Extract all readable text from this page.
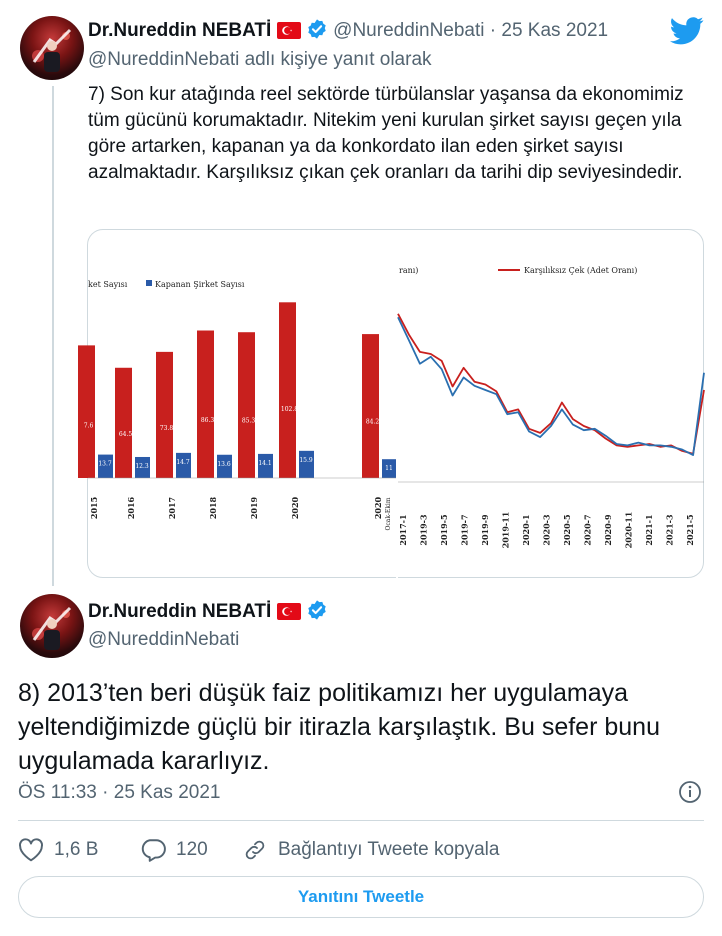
Dr.Nureddin NEBATİ	@NureddinNebati · 25 Kas 2021
@NureddinNebati adlı kişiye yanıt olarak
7) Son kur atağında reel sektörde türbülanslar yaşansa da ekonomimiz tüm gücünü korumaktadır. Nitekim yeni kurulan şirket sayısı geçen yıla göre artarken, kapanan ya da konkordato ilan eden şirket sayısı azalmaktadır. Karşılıksız çıkan çek oranları da tarihi dip seviyesindedir.
ket Sayısı	Kapanan Şirket Sayısı
7.6
13.7
2015
64.5
12.3
2016
73.8
14.7
2017
86.3
13.6
2018
85.3
14.1
2019
102.8
15.9
2020
84.2
11
2020 Ocak-Ekim
ranı)	Karşılıksız Çek (Adet Oranı)
2017-1 2019-3 2019-5 2019-7 2019-9 2019-11 2020-1 2020-3 2020-5 2020-7 2020-9 2020-11 2021-1 2021-3 2021-5
Dr.Nureddin NEBATİ
@NureddinNebati
8) 2013’ten beri düşük faiz politikamızı her uygulamaya yeltendiğimizde güçlü bir itirazla karşılaştık. Bu sefer bunu uygulamada kararlıyız.
ÖS 11:33 · 25 Kas 2021
1,6 B	120	Bağlantıyı Tweete kopyala
Yanıtını Tweetle
